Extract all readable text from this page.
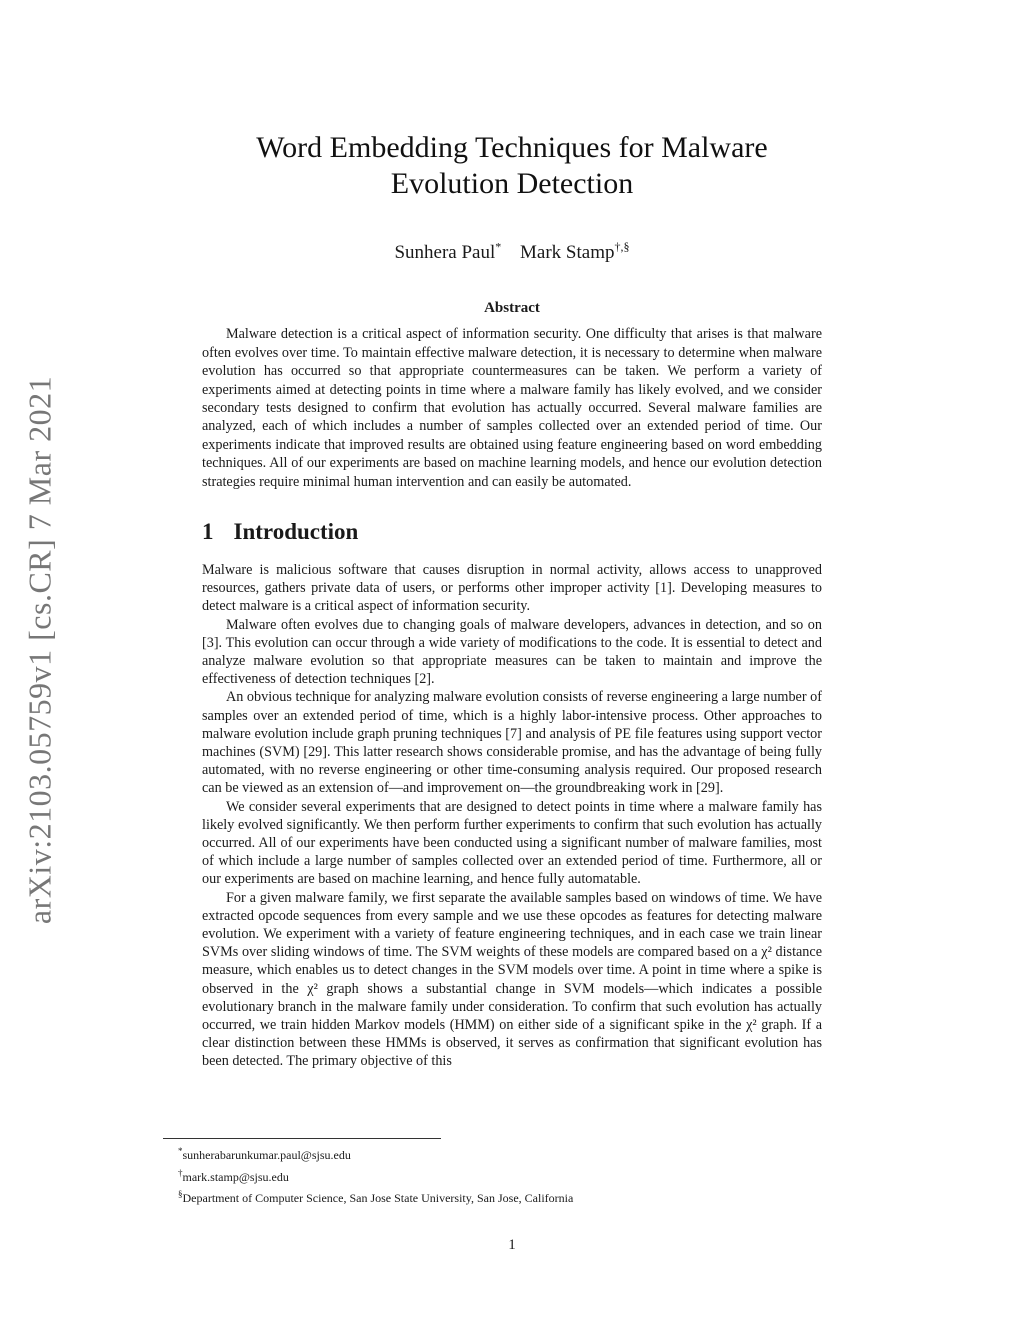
arXiv:2103.05759v1 [cs.CR] 7 Mar 2021
Word Embedding Techniques for Malware Evolution Detection
Sunhera Paul* Mark Stamp†,§
Abstract

Malware detection is a critical aspect of information security. One difficulty that arises is that malware often evolves over time. To maintain effective malware detection, it is necessary to determine when malware evolution has occurred so that appropriate countermeasures can be taken. We perform a variety of experiments aimed at detecting points in time where a malware family has likely evolved, and we consider secondary tests designed to confirm that evolution has actually occurred. Several malware families are analyzed, each of which includes a number of samples collected over an extended period of time. Our experiments indicate that improved results are obtained using feature engineering based on word embedding techniques. All of our experiments are based on machine learning models, and hence our evolution detection strategies require minimal human intervention and can easily be automated.

1 Introduction

Malware is malicious software that causes disruption in normal activity, allows access to unapproved resources, gathers private data of users, or performs other improper activity [1]. Developing measures to detect malware is a critical aspect of information security.

Malware often evolves due to changing goals of malware developers, advances in detection, and so on [3]. This evolution can occur through a wide variety of modifications to the code. It is essential to detect and analyze malware evolution so that appropriate measures can be taken to maintain and improve the effectiveness of detection techniques [2].

An obvious technique for analyzing malware evolution consists of reverse engineering a large number of samples over an extended period of time, which is a highly labor-intensive process. Other approaches to malware evolution include graph pruning techniques [7] and analysis of PE file features using support vector machines (SVM) [29]. This latter research shows considerable promise, and has the advantage of being fully automated, with no reverse engineering or other time-consuming analysis required. Our proposed research can be viewed as an extension of—and improvement on—the groundbreaking work in [29].

We consider several experiments that are designed to detect points in time where a malware family has likely evolved significantly. We then perform further experiments to confirm that such evolution has actually occurred. All of our experiments have been conducted using a significant number of malware families, most of which include a large number of samples collected over an extended period of time. Furthermore, all or our experiments are based on machine learning, and hence fully automatable.

For a given malware family, we first separate the available samples based on windows of time. We have extracted opcode sequences from every sample and we use these opcodes as features for detecting malware evolution. We experiment with a variety of feature engineering techniques, and in each case we train linear SVMs over sliding windows of time. The SVM weights of these models are compared based on a χ² distance measure, which enables us to detect changes in the SVM models over time. A point in time where a spike is observed in the χ² graph shows a substantial change in SVM models—which indicates a possible evolutionary branch in the malware family under consideration. To confirm that such evolution has actually occurred, we train hidden Markov models (HMM) on either side of a significant spike in the χ² graph. If a clear distinction between these HMMs is observed, it serves as confirmation that significant evolution has been detected. The primary objective of this

*sunherabarunkumar.paul@sjsu.edu
†mark.stamp@sjsu.edu
§Department of Computer Science, San Jose State University, San Jose, California
1
